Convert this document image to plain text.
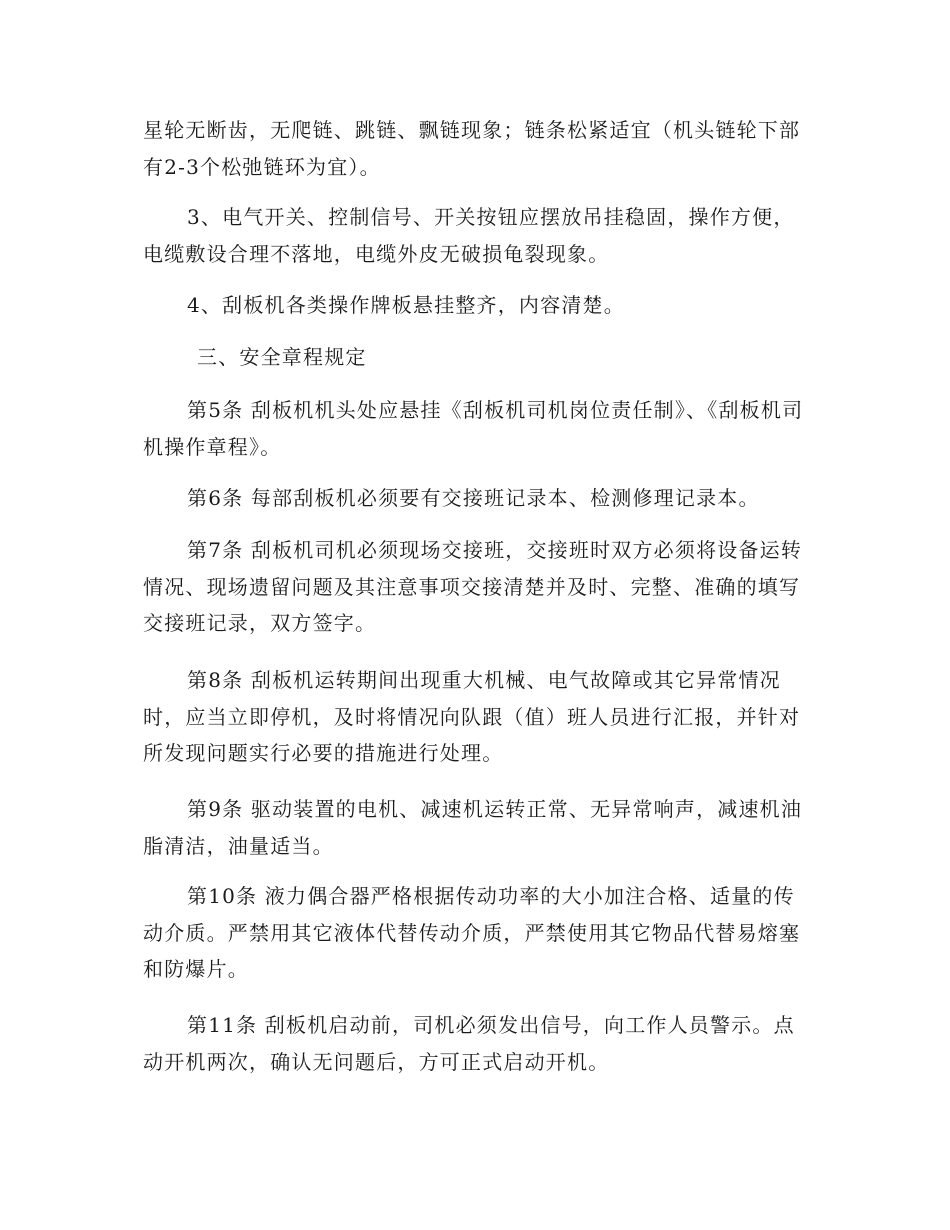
星轮无断齿，无爬链、跳链、飘链现象；链条松紧适宜（机头链轮下部有2-3个松弛链环为宜）。

3、电气开关、控制信号、开关按钮应摆放吊挂稳固，操作方便，电缆敷设合理不落地，电缆外皮无破损龟裂现象。

4、刮板机各类操作牌板悬挂整齐，内容清楚。

三、安全章程规定

第5条 刮板机机头处应悬挂《刮板机司机岗位责任制》、《刮板机司机操作章程》。

第6条 每部刮板机必须要有交接班记录本、检测修理记录本。

第7条 刮板机司机必须现场交接班，交接班时双方必须将设备运转情况、现场遗留问题及其注意事项交接清楚并及时、完整、准确的填写交接班记录，双方签字。

第8条 刮板机运转期间出现重大机械、电气故障或其它异常情况时，应当立即停机，及时将情况向队跟（值）班人员进行汇报，并针对所发现问题实行必要的措施进行处理。

第9条 驱动装置的电机、减速机运转正常、无异常响声，减速机油脂清洁，油量适当。

第10条 液力偶合器严格根据传动功率的大小加注合格、适量的传动介质。严禁用其它液体代替传动介质，严禁使用其它物品代替易熔塞和防爆片。

第11条 刮板机启动前，司机必须发出信号，向工作人员警示。点动开机两次，确认无问题后，方可正式启动开机。
